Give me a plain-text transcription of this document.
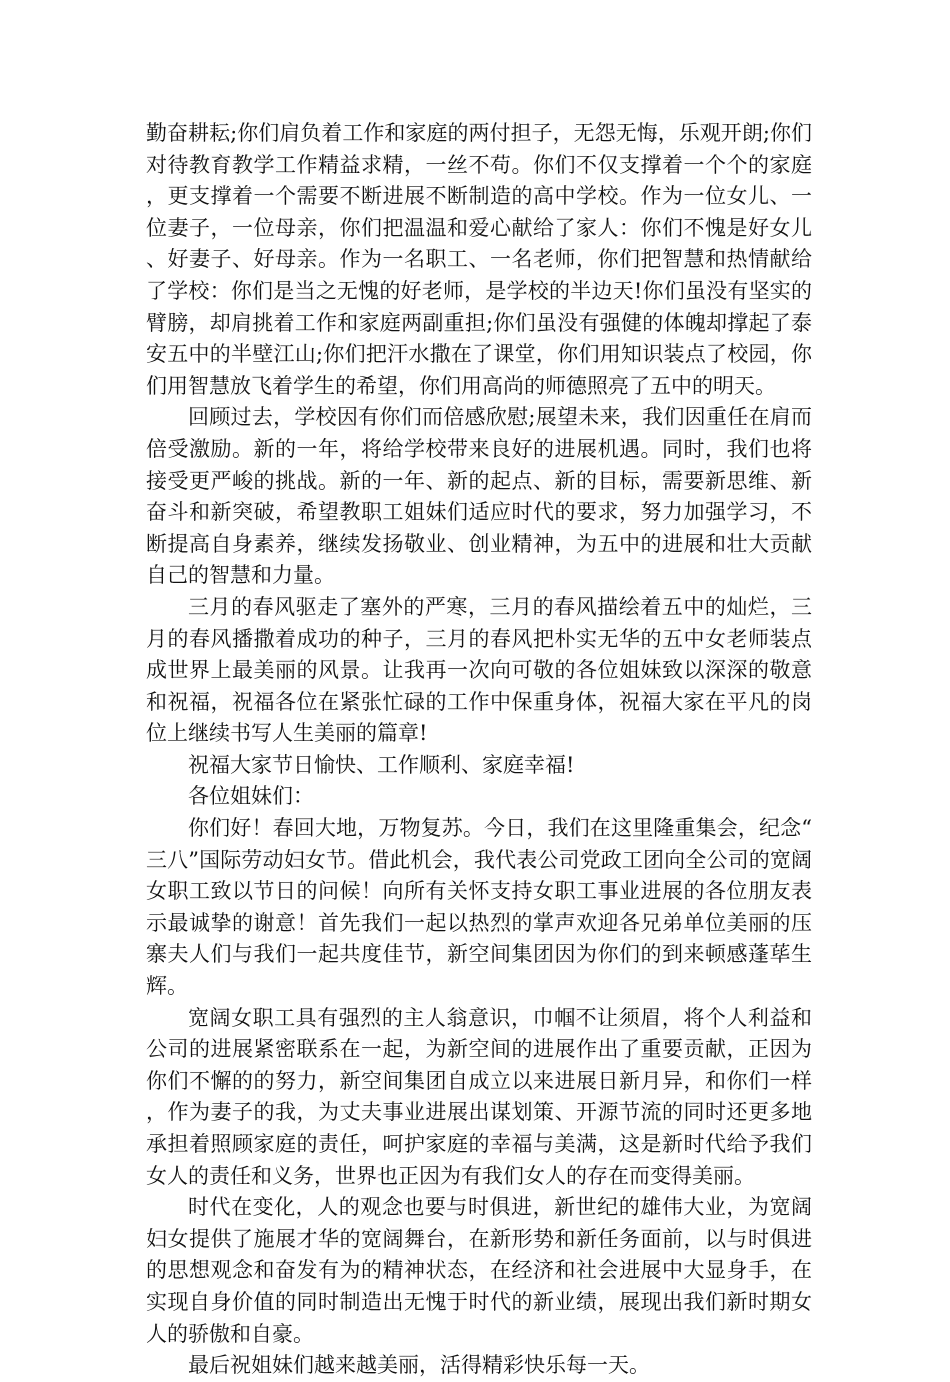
勤奋耕耘;你们肩负着工作和家庭的两付担子，无怨无悔，乐观开朗;你们对待教育教学工作精益求精，一丝不苟。你们不仅支撑着一个个的家庭，更支撑着一个需要不断进展不断制造的高中学校。作为一位女儿、一位妻子，一位母亲，你们把温温和爱心献给了家人：你们不愧是好女儿、好妻子、好母亲。作为一名职工、一名老师，你们把智慧和热情献给了学校：你们是当之无愧的好老师，是学校的半边天!你们虽没有坚实的臂膀，却肩挑着工作和家庭两副重担;你们虽没有强健的体魄却撑起了泰安五中的半壁江山;你们把汗水撒在了课堂，你们用知识装点了校园，你们用智慧放飞着学生的希望，你们用高尚的师德照亮了五中的明天。

回顾过去，学校因有你们而倍感欣慰;展望未来，我们因重任在肩而倍受激励。新的一年，将给学校带来良好的进展机遇。同时，我们也将接受更严峻的挑战。新的一年、新的起点、新的目标，需要新思维、新奋斗和新突破，希望教职工姐妹们适应时代的要求，努力加强学习，不断提高自身素养，继续发扬敬业、创业精神，为五中的进展和壮大贡献自己的智慧和力量。

三月的春风驱走了塞外的严寒，三月的春风描绘着五中的灿烂，三月的春风播撒着成功的种子，三月的春风把朴实无华的五中女老师装点成世界上最美丽的风景。让我再一次向可敬的各位姐妹致以深深的敬意和祝福，祝福各位在紧张忙碌的工作中保重身体，祝福大家在平凡的岗位上继续书写人生美丽的篇章!

祝福大家节日愉快、工作顺利、家庭幸福!

各位姐妹们：

你们好！春回大地，万物复苏。今日，我们在这里隆重集会，纪念“三八”国际劳动妇女节。借此机会，我代表公司党政工团向全公司的宽阔女职工致以节日的问候！向所有关怀支持女职工事业进展的各位朋友表示最诚挚的谢意！首先我们一起以热烈的掌声欢迎各兄弟单位美丽的压寨夫人们与我们一起共度佳节，新空间集团因为你们的到来顿感蓬荜生辉。

宽阔女职工具有强烈的主人翁意识，巾帼不让须眉，将个人利益和公司的进展紧密联系在一起，为新空间的进展作出了重要贡献，正因为你们不懈的的努力，新空间集团自成立以来进展日新月异，和你们一样，作为妻子的我，为丈夫事业进展出谋划策、开源节流的同时还更多地承担着照顾家庭的责任，呵护家庭的幸福与美满，这是新时代给予我们女人的责任和义务，世界也正因为有我们女人的存在而变得美丽。

时代在变化，人的观念也要与时俱进，新世纪的雄伟大业，为宽阔妇女提供了施展才华的宽阔舞台，在新形势和新任务面前，以与时俱进的思想观念和奋发有为的精神状态，在经济和社会进展中大显身手，在实现自身价值的同时制造出无愧于时代的新业绩，展现出我们新时期女人的骄傲和自豪。

最后祝姐妹们越来越美丽，活得精彩快乐每一天。
